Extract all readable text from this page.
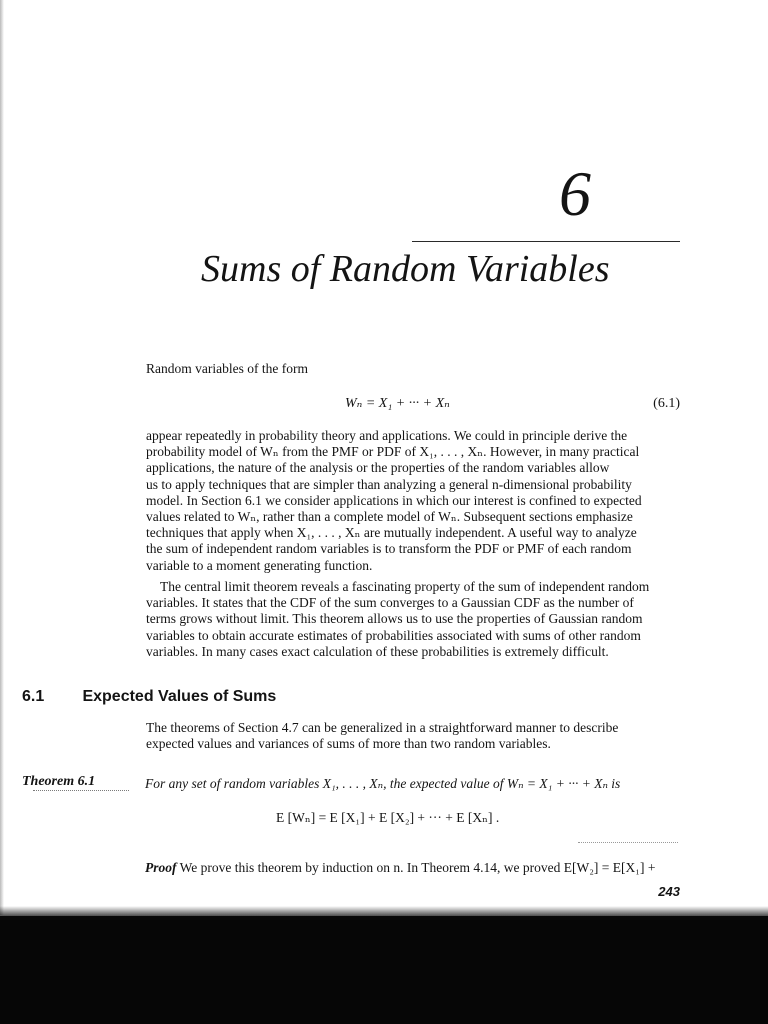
6
Sums of Random Variables
Random variables of the form
Wₙ = X₁ + ··· + Xₙ	(6.1)
appear repeatedly in probability theory and applications. We could in principle derive the
probability model of Wₙ from the PMF or PDF of X₁, . . . , Xₙ. However, in many practical
applications, the nature of the analysis or the properties of the random variables allow
us to apply techniques that are simpler than analyzing a general n-dimensional probability
model. In Section 6.1 we consider applications in which our interest is confined to expected
values related to Wₙ, rather than a complete model of Wₙ. Subsequent sections emphasize
techniques that apply when X₁, . . . , Xₙ are mutually independent. A useful way to analyze
the sum of independent random variables is to transform the PDF or PMF of each random
variable to a moment generating function.
The central limit theorem reveals a fascinating property of the sum of independent random
variables. It states that the CDF of the sum converges to a Gaussian CDF as the number of
terms grows without limit. This theorem allows us to use the properties of Gaussian random
variables to obtain accurate estimates of probabilities associated with sums of other random
variables. In many cases exact calculation of these probabilities is extremely difficult.
6.1 Expected Values of Sums
The theorems of Section 4.7 can be generalized in a straightforward manner to describe
expected values and variances of sums of more than two random variables.
Theorem 6.1	For any set of random variables X₁, . . . , Xₙ, the expected value of Wₙ = X₁ + ··· + Xₙ is
E [Wₙ] = E [X₁] + E [X₂] + ··· + E [Xₙ] .
Proof We prove this theorem by induction on n. In Theorem 4.14, we proved E[W₂] = E[X₁] +
243
